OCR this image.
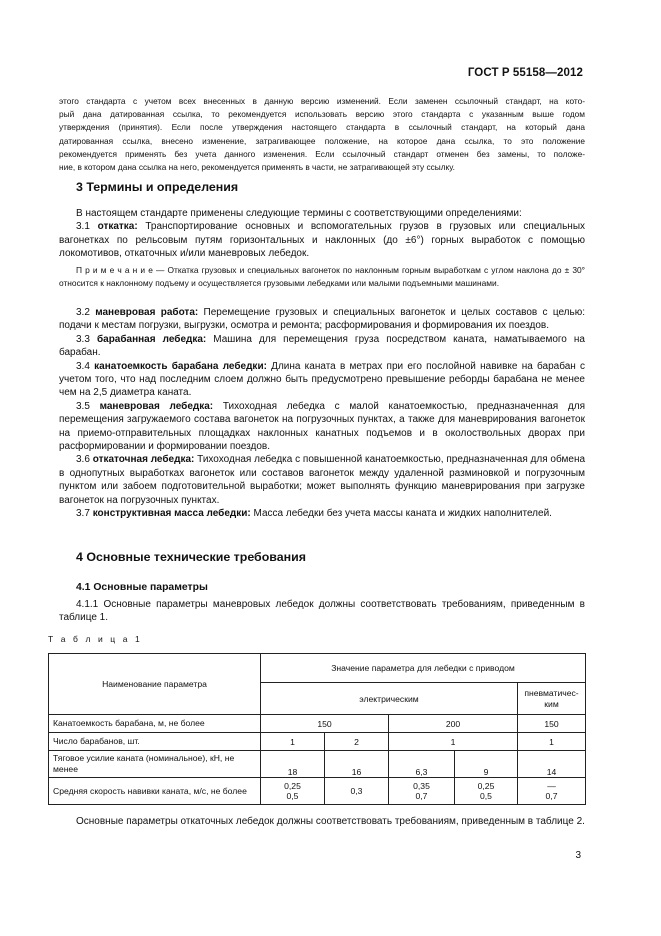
ГОСТ Р 55158—2012

этого стандарта с учетом всех внесенных в данную версию изменений. Если заменен ссылочный стандарт, на кото-

рый дана датированная ссылка, то рекомендуется использовать версию этого стандарта с указанным выше годом

утверждения (принятия). Если после утверждения настоящего стандарта в ссылочный стандарт, на который дана

датированная ссылка, внесено изменение, затрагивающее положение, на которое дана ссылка, то это положение

рекомендуется применять без учета данного изменения. Если ссылочный стандарт отменен без замены, то положе-

ние, в котором дана ссылка на него, рекомендуется применять в части, не затрагивающей эту ссылку.

3 Термины и определения

В настоящем стандарте применены следующие термины с соответствующими определениями:

3.1 откатка: Транспортирование основных и вспомогательных грузов в грузовых или специальных вагонетках по рельсовым путям горизонтальных и наклонных (до ±6°) горных выработок с помощью локомотивов, откаточных и/или маневровых лебедок.

П р и м е ч а н и е — Откатка грузовых и специальных вагонеток по наклонным горным выработкам с углом наклона до ± 30° относится к наклонному подъему и осуществляется грузовыми лебедками или малыми подъемными машинами.

3.2 маневровая работа: Перемещение грузовых и специальных вагонеток и целых составов с целью: подачи к местам погрузки, выгрузки, осмотра и ремонта; расформирования и формирования их поездов.

3.3 барабанная лебедка: Машина для перемещения груза посредством каната, наматываемого на барабан.

3.4 канатоемкость барабана лебедки: Длина каната в метрах при его послойной навивке на барабан с учетом того, что над последним слоем должно быть предусмотрено превышение реборды барабана не менее чем на 2,5 диаметра каната.

3.5 маневровая лебедка: Тихоходная лебедка с малой канатоемкостью, предназначенная для перемещения загружаемого состава вагонеток на погрузочных пунктах, а также для маневрирования вагонеток на приемо-отправительных площадках наклонных канатных подъемов и в околоствольных дворах при расформировании и формировании поездов.

3.6 откаточная лебедка: Тихоходная лебедка с повышенной канатоемкостью, предназначенная для обмена в однопутных выработках вагонеток или составов вагонеток между удаленной разминовкой и погрузочным пунктом или забоем подготовительной выработки; может выполнять функцию маневрирования при загрузке вагонеток на погрузочных пунктах.

3.7 конструктивная масса лебедки: Масса лебедки без учета массы каната и жидких наполнителей.

4 Основные технические требования
4.1 Основные параметры

4.1.1 Основные параметры маневровых лебедок должны соответствовать требованиям, приведенным в таблице 1.

Т а б л и ц а 1
Наименование параметра	Значение параметра для лебедки с приводом				
	электрическим				пневматичес-ким
Канатоемкость барабана, м, не более	150		200		150
Число барабанов, шт.	1	2	1		1
Тяговое усилие каната (номинальное), кН, не менее	18	16	6,3	9	14
Средняя скорость навивки каната, м/с, не более	0,25
0,5	0,3	0,35
0,7	0,25
0,5	—
0,7

Основные параметры откаточных лебедок должны соответствовать требованиям, приведенным в таблице 2.

3
